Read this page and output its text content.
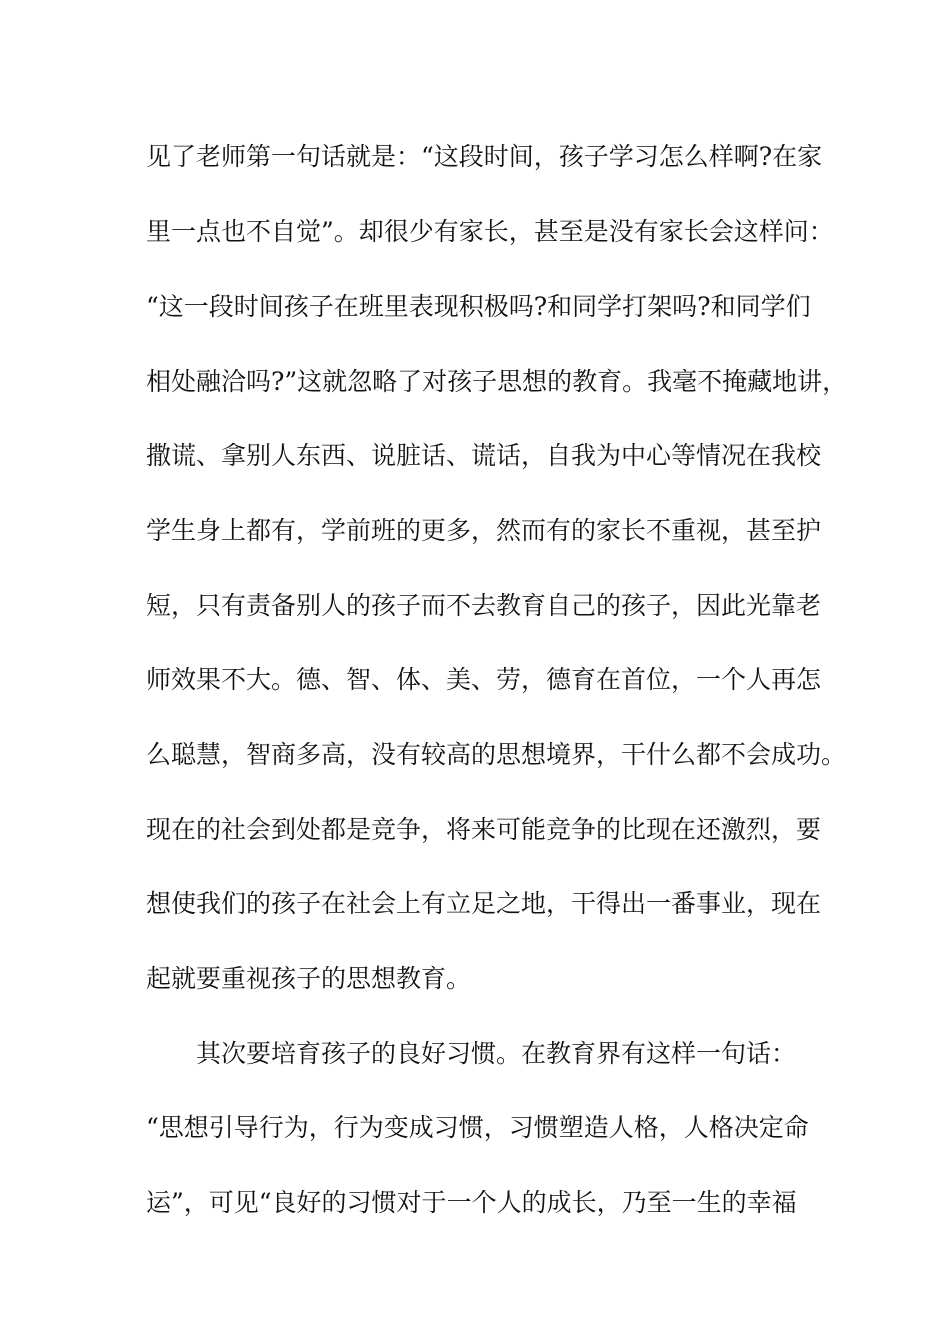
见了老师第一句话就是：“这段时间，孩子学习怎么样啊?在家
里一点也不自觉”。却很少有家长，甚至是没有家长会这样问：
“这一段时间孩子在班里表现积极吗?和同学打架吗?和同学们
相处融洽吗?”这就忽略了对孩子思想的教育。我毫不掩藏地讲，
撒谎、拿别人东西、说脏话、谎话，自我为中心等情况在我校
学生身上都有，学前班的更多，然而有的家长不重视，甚至护
短，只有责备别人的孩子而不去教育自己的孩子，因此光靠老
师效果不大。德、智、体、美、劳，德育在首位，一个人再怎
么聪慧，智商多高，没有较高的思想境界，干什么都不会成功。
现在的社会到处都是竞争，将来可能竞争的比现在还激烈，要
想使我们的孩子在社会上有立足之地，干得出一番事业，现在
起就要重视孩子的思想教育。
其次要培育孩子的良好习惯。在教育界有这样一句话：
“思想引导行为，行为变成习惯，习惯塑造人格，人格决定命
运”，可见“良好的习惯对于一个人的成长，乃至一生的幸福
